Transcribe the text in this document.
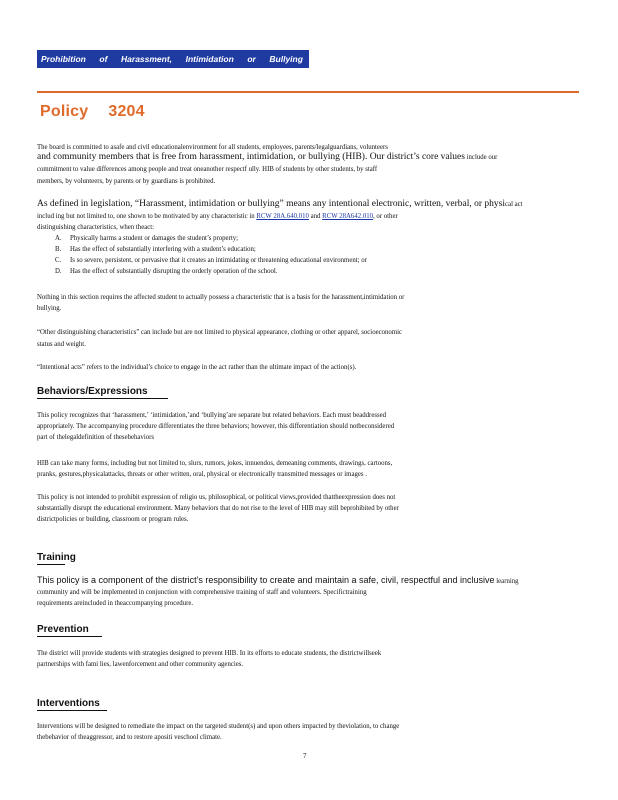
Prohibition of Harassment, Intimidation or Bullying
Policy 3204
The board is committed to asafe and civil educationalenvironment for all students, employees, parents/legalguardians, volunteers
and community members that is free from harassment, intimidation, or bullying (HIB). Our district’s core values include our
commitment to value differences among people and treat oneanother respectf ully. HIB of students by other students, by staff
members, by volunteers, by parents or by guardians is prohibited.
As defined in legislation, “Harassment, intimidation or bullying” means any intentional electronic, written, verbal, or physical act
includ ing but not limited to, one shown to be motivated by any characteristic in RCW 28A.640.010 and RCW 28A642.010, or other
distinguishing characteristics, when theact:
A. Physically harms a student or damages the student’s property;
B. Has the effect of substantially interfering with a student’s education;
C. Is so severe, persistent, or pervasive that it creates an intimidating or threatening educational environment; or
D. Has the effect of substantially disrupting the orderly operation of the school.
Nothing in this section requires the affected student to actually possess a characteristic that is a basis for the harassment,intimidation or
bullying.
“Other distinguishing characteristics” can include but are not limited to physical appearance, clothing or other apparel, socioeconomic
status and weight.
“Intentional acts” refers to the individual’s choice to engage in the act rather than the ultimate impact of the action(s).
Behaviors/Expressions
This policy recognizes that ‘harassment,’ ‘intimidation,’and ‘bullying’are separate but related behaviors. Each must beaddressed
appropriately. The accompanying procedure differentiates the three behaviors; however, this differentiation should notbeconsidered
part of thelegaldefinition of thesebehaviors
HIB can take many forms, including but not limited to, slurs, rumors, jokes, innuendos, demeaning comments, drawings, cartoons,
pranks, gestures,physicalattacks, threats or other written, oral, physical or electronically transmitted messages or images .
This policy is not intended to prohibit expression of religio us, philosophical, or political views,provided thattheexpression does not
substantially disrupt the educational environment. Many behaviors that do not rise to the level of HIB may still beprohibited by other
districtpolicies or building, classroom or program rules.
Training
This policy is a component of the district’s responsibility to create and maintain a safe, civil, respectful and inclusive learning
community and will be implemented in conjunction with comprehensive training of staff and volunteers. Specifictraining
requirements areincluded in theaccompanying procedure.
Prevention
The district will provide students with strategies designed to prevent HIB. In its efforts to educate students, the districtwillseek
partnerships with fami lies, lawenforcement and other community agencies.
Interventions
Interventions will be designed to remediate the impact on the targeted student(s) and upon others impacted by theviolation, to change
thebehavior of theaggressor, and to restore apositi veschool climate.
7
